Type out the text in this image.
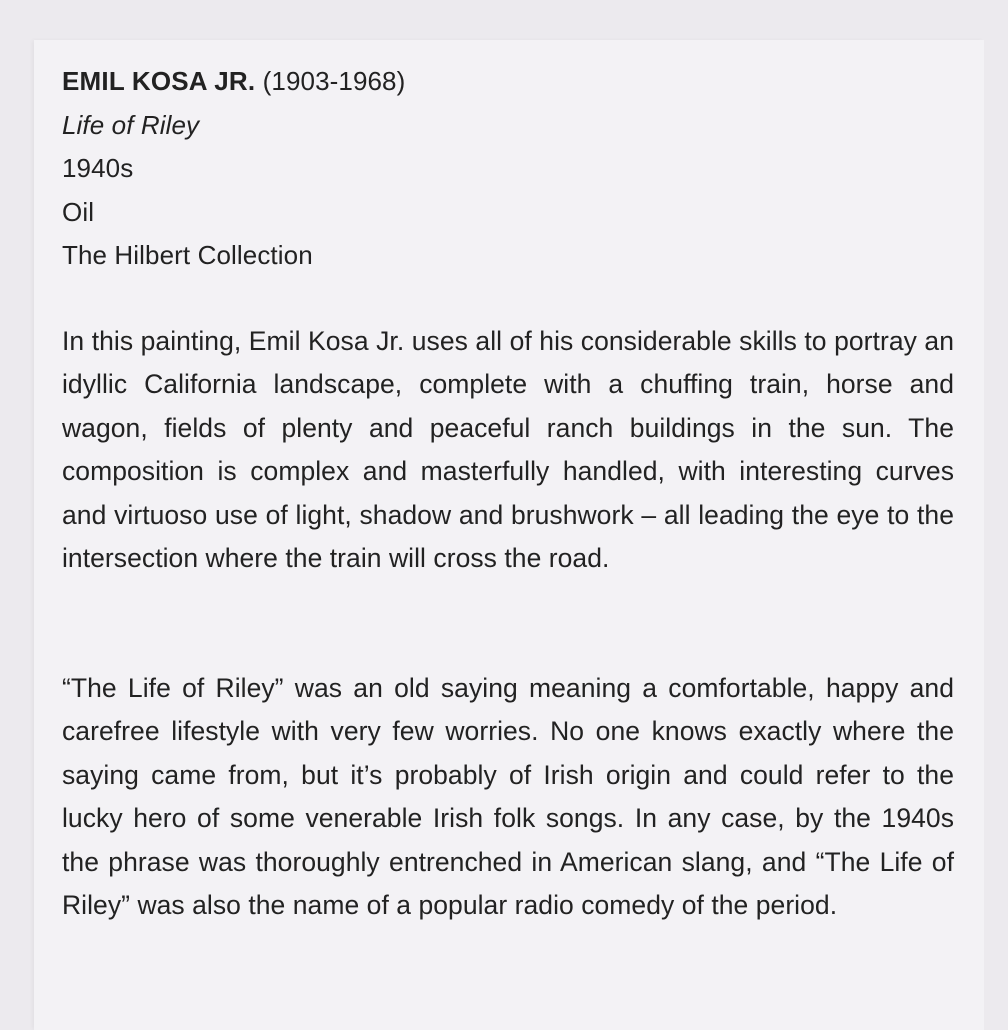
EMIL KOSA JR. (1903-1968)
Life of Riley
1940s
Oil
The Hilbert Collection

In this painting, Emil Kosa Jr. uses all of his considerable skills to portray an idyllic California landscape, complete with a chuffing train, horse and wagon, fields of plenty and peaceful ranch buildings in the sun. The composition is complex and masterfully handled, with interesting curves and virtuoso use of light, shadow and brushwork – all leading the eye to the intersection where the train will cross the road.

“The Life of Riley” was an old saying meaning a comfortable, happy and carefree lifestyle with very few worries. No one knows exactly where the saying came from, but it’s probably of Irish origin and could refer to the lucky hero of some venerable Irish folk songs. In any case, by the 1940s the phrase was thoroughly entrenched in American slang, and “The Life of Riley” was also the name of a popular radio comedy of the period.
